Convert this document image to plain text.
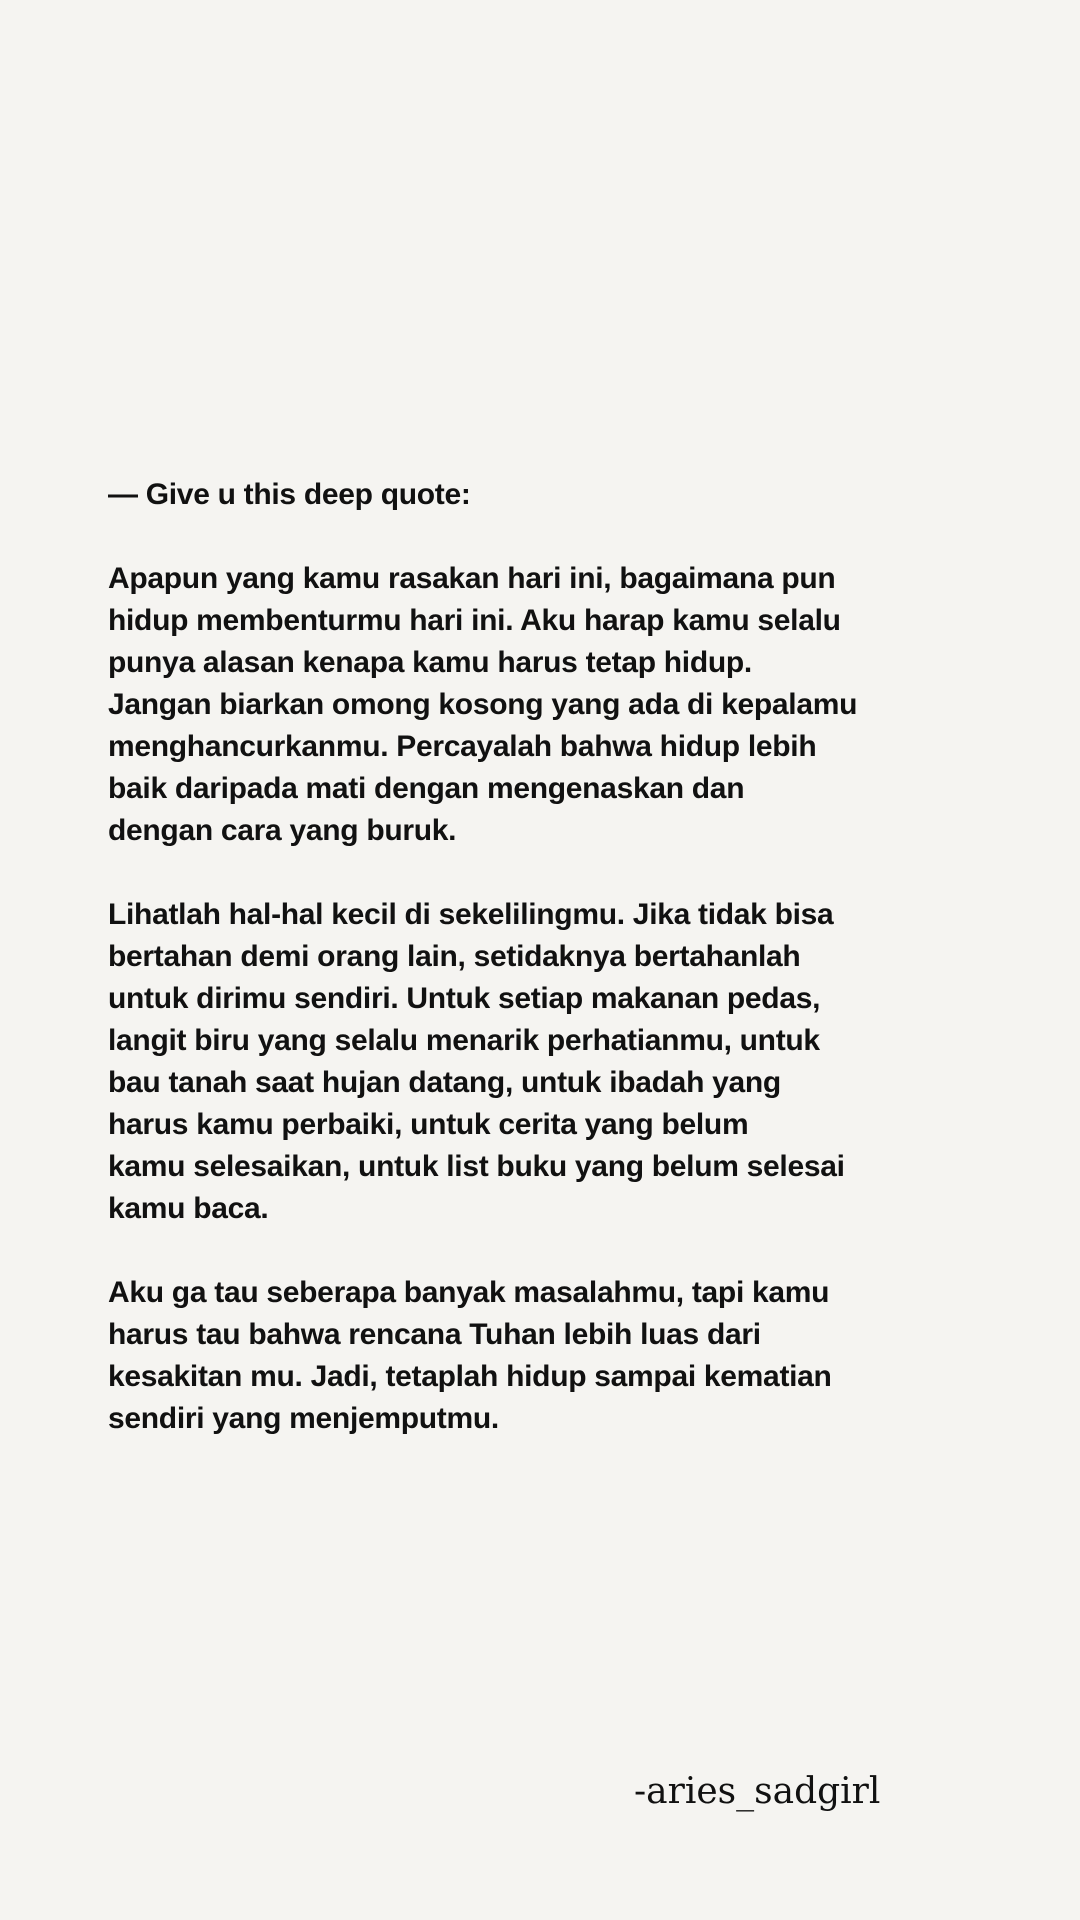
— Give u this deep quote:

Apapun yang kamu rasakan hari ini, bagaimana pun
hidup membenturmu hari ini. Aku harap kamu selalu
punya alasan kenapa kamu harus tetap hidup.
Jangan biarkan omong kosong yang ada di kepalamu
menghancurkanmu. Percayalah bahwa hidup lebih
baik daripada mati dengan mengenaskan dan
dengan cara yang buruk.

Lihatlah hal-hal kecil di sekelilingmu. Jika tidak bisa
bertahan demi orang lain, setidaknya bertahanlah
untuk dirimu sendiri. Untuk setiap makanan pedas,
langit biru yang selalu menarik perhatianmu, untuk
bau tanah saat hujan datang, untuk ibadah yang
harus kamu perbaiki, untuk cerita yang belum
kamu selesaikan, untuk list buku yang belum selesai
kamu baca.

Aku ga tau seberapa banyak masalahmu, tapi kamu
harus tau bahwa rencana Tuhan lebih luas dari
kesakitan mu. Jadi, tetaplah hidup sampai kematian
sendiri yang menjemputmu.

-aries_sadgirl
